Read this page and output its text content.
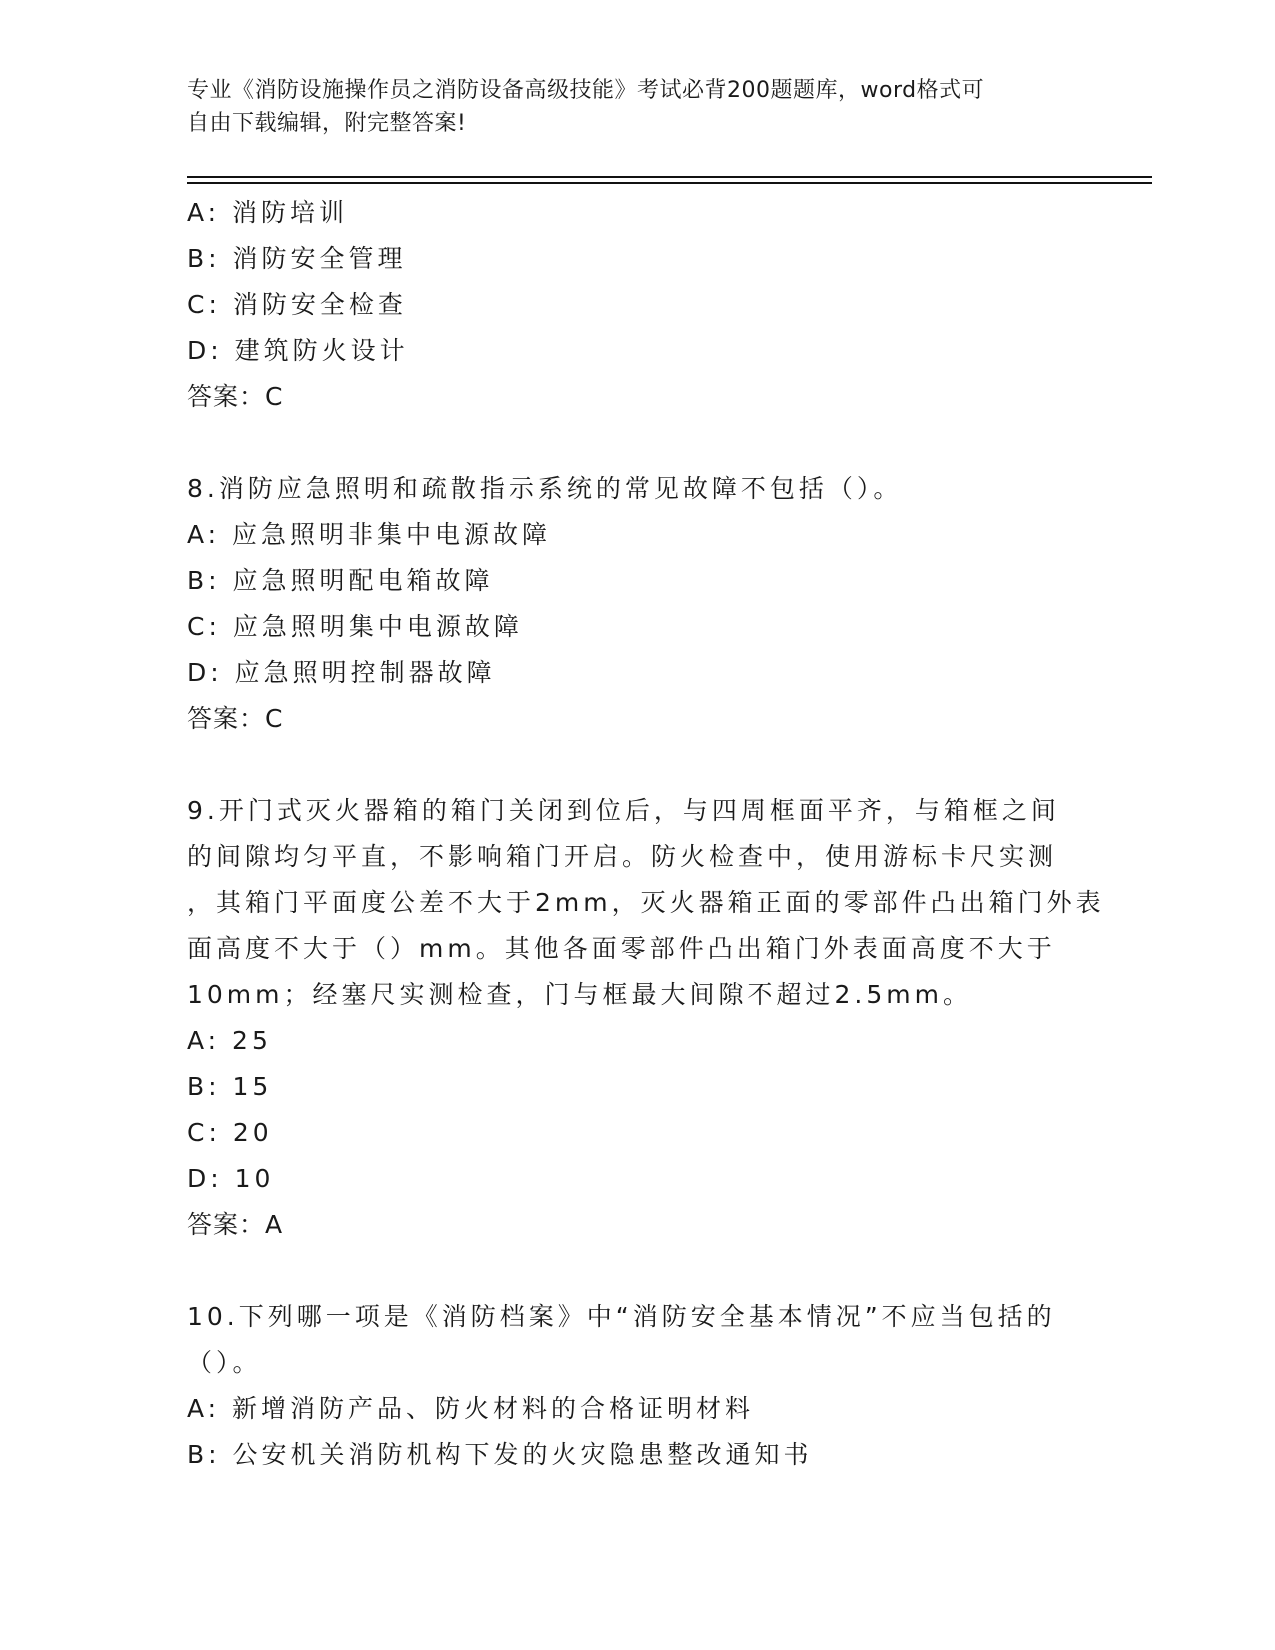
专业《消防设施操作员之消防设备高级技能》考试必背200题题库，word格式可
自由下载编辑，附完整答案!
A: 消防培训
B: 消防安全管理
C: 消防安全检查
D: 建筑防火设计
答案：C
8.消防应急照明和疏散指示系统的常见故障不包括（）。
A: 应急照明非集中电源故障
B: 应急照明配电箱故障
C: 应急照明集中电源故障
D: 应急照明控制器故障
答案：C
9.开门式灭火器箱的箱门关闭到位后，与四周框面平齐，与箱框之间
的间隙均匀平直，不影响箱门开启。防火检查中，使用游标卡尺实测
，其箱门平面度公差不大于2mm，灭火器箱正面的零部件凸出箱门外表
面高度不大于（）mm。其他各面零部件凸出箱门外表面高度不大于
10mm；经塞尺实测检查，门与框最大间隙不超过2.5mm。
A: 25
B: 15
C: 20
D: 10
答案：A
10.下列哪一项是《消防档案》中“消防安全基本情况”不应当包括的
（）。
A: 新增消防产品、防火材料的合格证明材料
B: 公安机关消防机构下发的火灾隐患整改通知书
